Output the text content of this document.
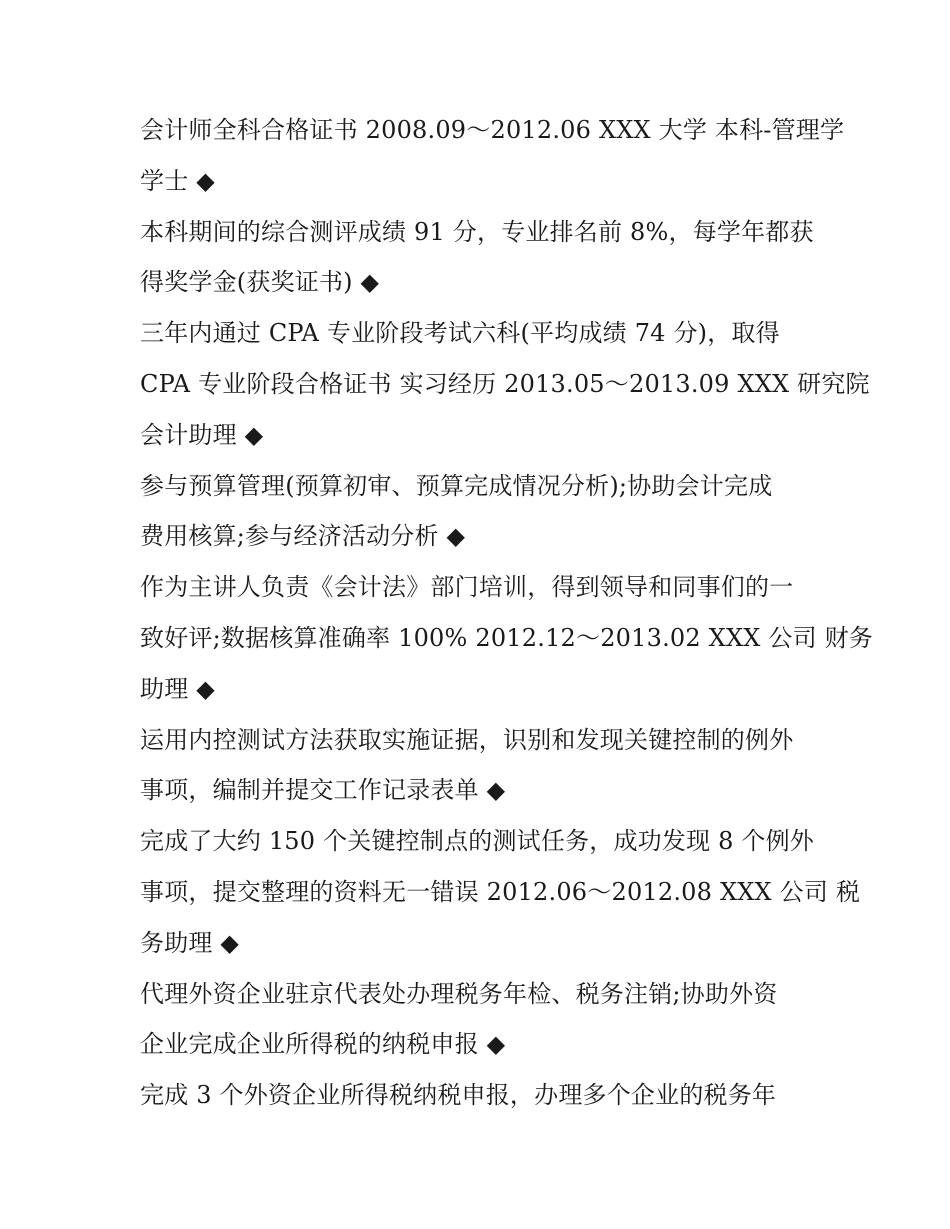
会计师全科合格证书 2008.09～2012.06 XXX 大学 本科-管理学
学士 ◆
本科期间的综合测评成绩 91 分，专业排名前 8%，每学年都获
得奖学金(获奖证书) ◆
三年内通过 CPA 专业阶段考试六科(平均成绩 74 分)，取得
CPA 专业阶段合格证书 实习经历 2013.05～2013.09 XXX 研究院
会计助理 ◆
参与预算管理(预算初审、预算完成情况分析);协助会计完成
费用核算;参与经济活动分析 ◆
作为主讲人负责《会计法》部门培训，得到领导和同事们的一
致好评;数据核算准确率 100% 2012.12～2013.02 XXX 公司 财务
助理 ◆
运用内控测试方法获取实施证据，识别和发现关键控制的例外
事项，编制并提交工作记录表单 ◆
完成了大约 150 个关键控制点的测试任务，成功发现 8 个例外
事项，提交整理的资料无一错误 2012.06～2012.08 XXX 公司 税
务助理 ◆
代理外资企业驻京代表处办理税务年检、税务注销;协助外资
企业完成企业所得税的纳税申报 ◆
完成 3 个外资企业所得税纳税申报，办理多个企业的税务年
